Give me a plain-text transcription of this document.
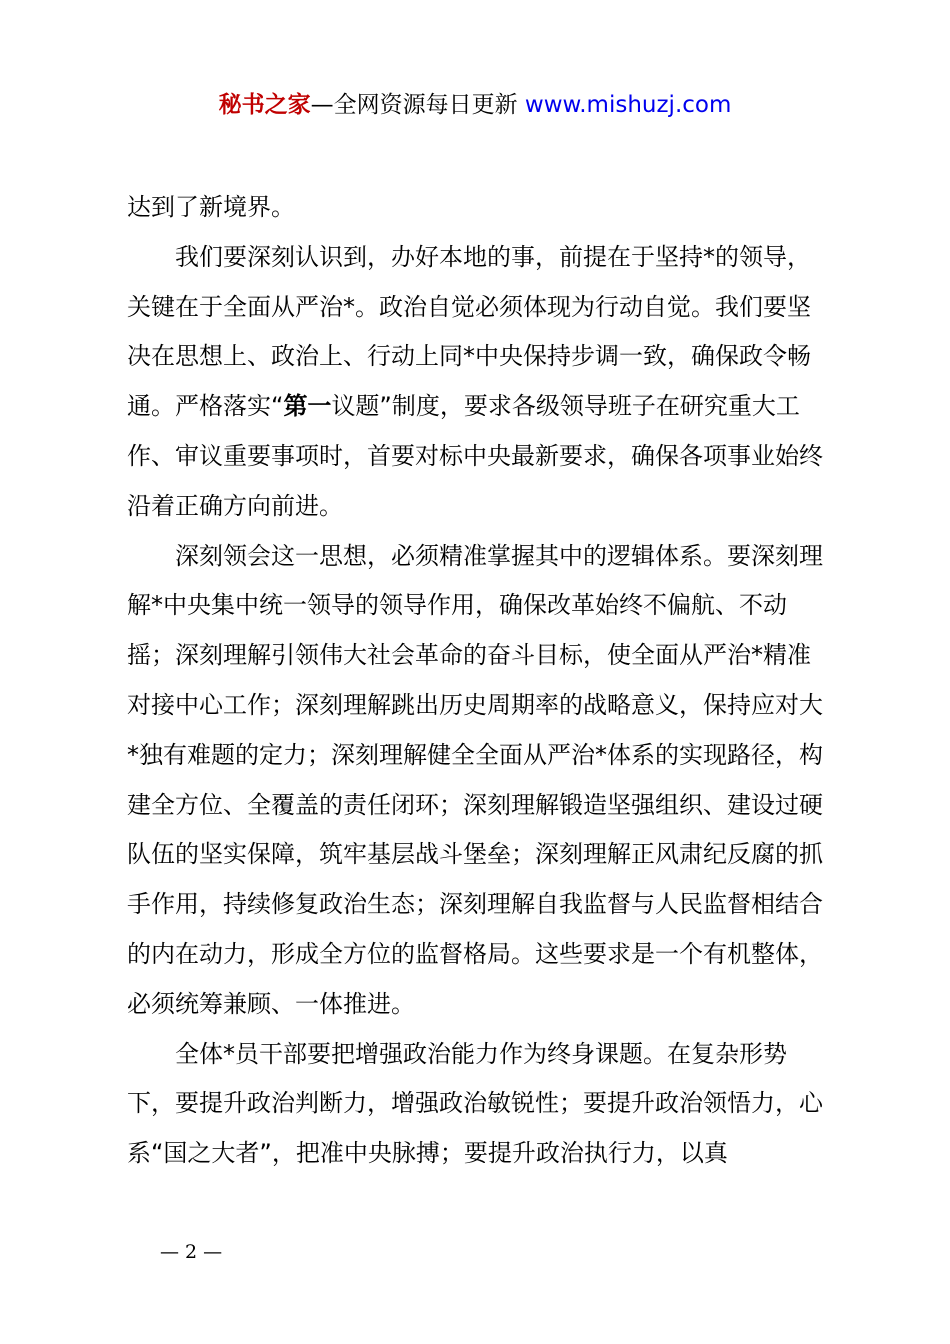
秘书之家—全网资源每日更新 www.mishuzj.com

达到了新境界。

我们要深刻认识到，办好本地的事，前提在于坚持*的领导，关键在于全面从严治*。政治自觉必须体现为行动自觉。我们要坚决在思想上、政治上、行动上同*中央保持步调一致，确保政令畅通。严格落实“第一议题”制度，要求各级领导班子在研究重大工作、审议重要事项时，首要对标中央最新要求，确保各项事业始终沿着正确方向前进。

深刻领会这一思想，必须精准掌握其中的逻辑体系。要深刻理解*中央集中统一领导的领导作用，确保改革始终不偏航、不动摇；深刻理解引领伟大社会革命的奋斗目标，使全面从严治*精准对接中心工作；深刻理解跳出历史周期率的战略意义，保持应对大*独有难题的定力；深刻理解健全全面从严治*体系的实现路径，构建全方位、全覆盖的责任闭环；深刻理解锻造坚强组织、建设过硬队伍的坚实保障，筑牢基层战斗堡垒；深刻理解正风肃纪反腐的抓手作用，持续修复政治生态；深刻理解自我监督与人民监督相结合的内在动力，形成全方位的监督格局。这些要求是一个有机整体，必须统筹兼顾、一体推进。

全体*员干部要把增强政治能力作为终身课题。在复杂形势下，要提升政治判断力，增强政治敏锐性；要提升政治领悟力，心系“国之大者”，把准中央脉搏；要提升政治执行力，以真

— 2 —
